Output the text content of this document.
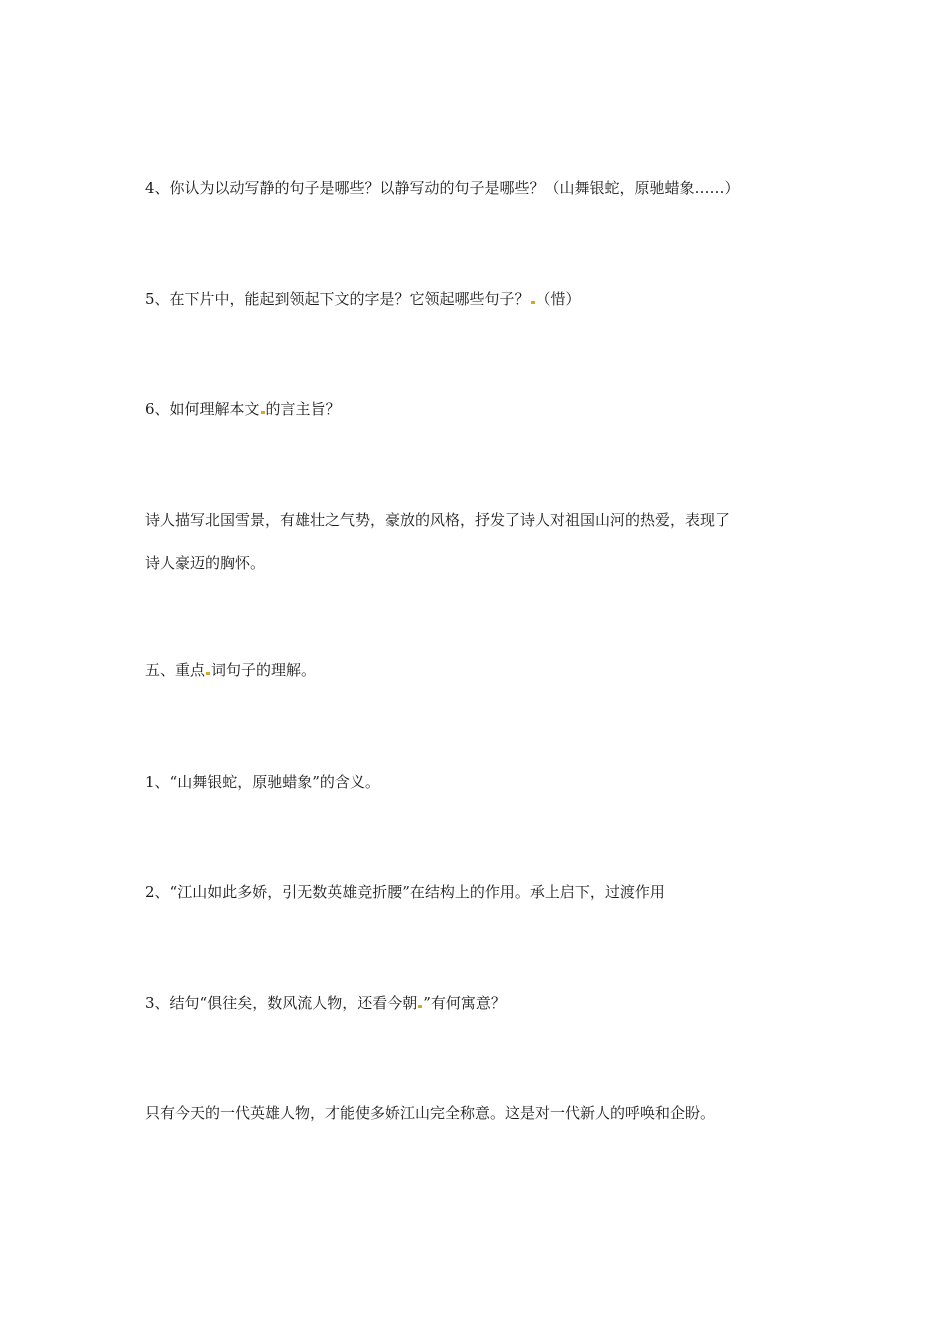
4、你认为以动写静的句子是哪些？以静写动的句子是哪些？（山舞银蛇，原驰蜡象……）
5、在下片中，能起到领起下文的字是？它领起哪些句子？ （惜）
6、如何理解本文 的言主旨？
诗人描写北国雪景，有雄壮之气势，豪放的风格，抒发了诗人对祖国山河的热爱，表现了
诗人豪迈的胸怀。
五、重点 词句子的理解。
1、“山舞银蛇，原驰蜡象”的含义。
2、“江山如此多娇，引无数英雄竞折腰”在结构上的作用。承上启下，过渡作用
3、结句“俱往矣，数风流人物，还看今朝 ”有何寓意？
只有今天的一代英雄人物，才能使多娇江山完全称意。这是对一代新人的呼唤和企盼。
